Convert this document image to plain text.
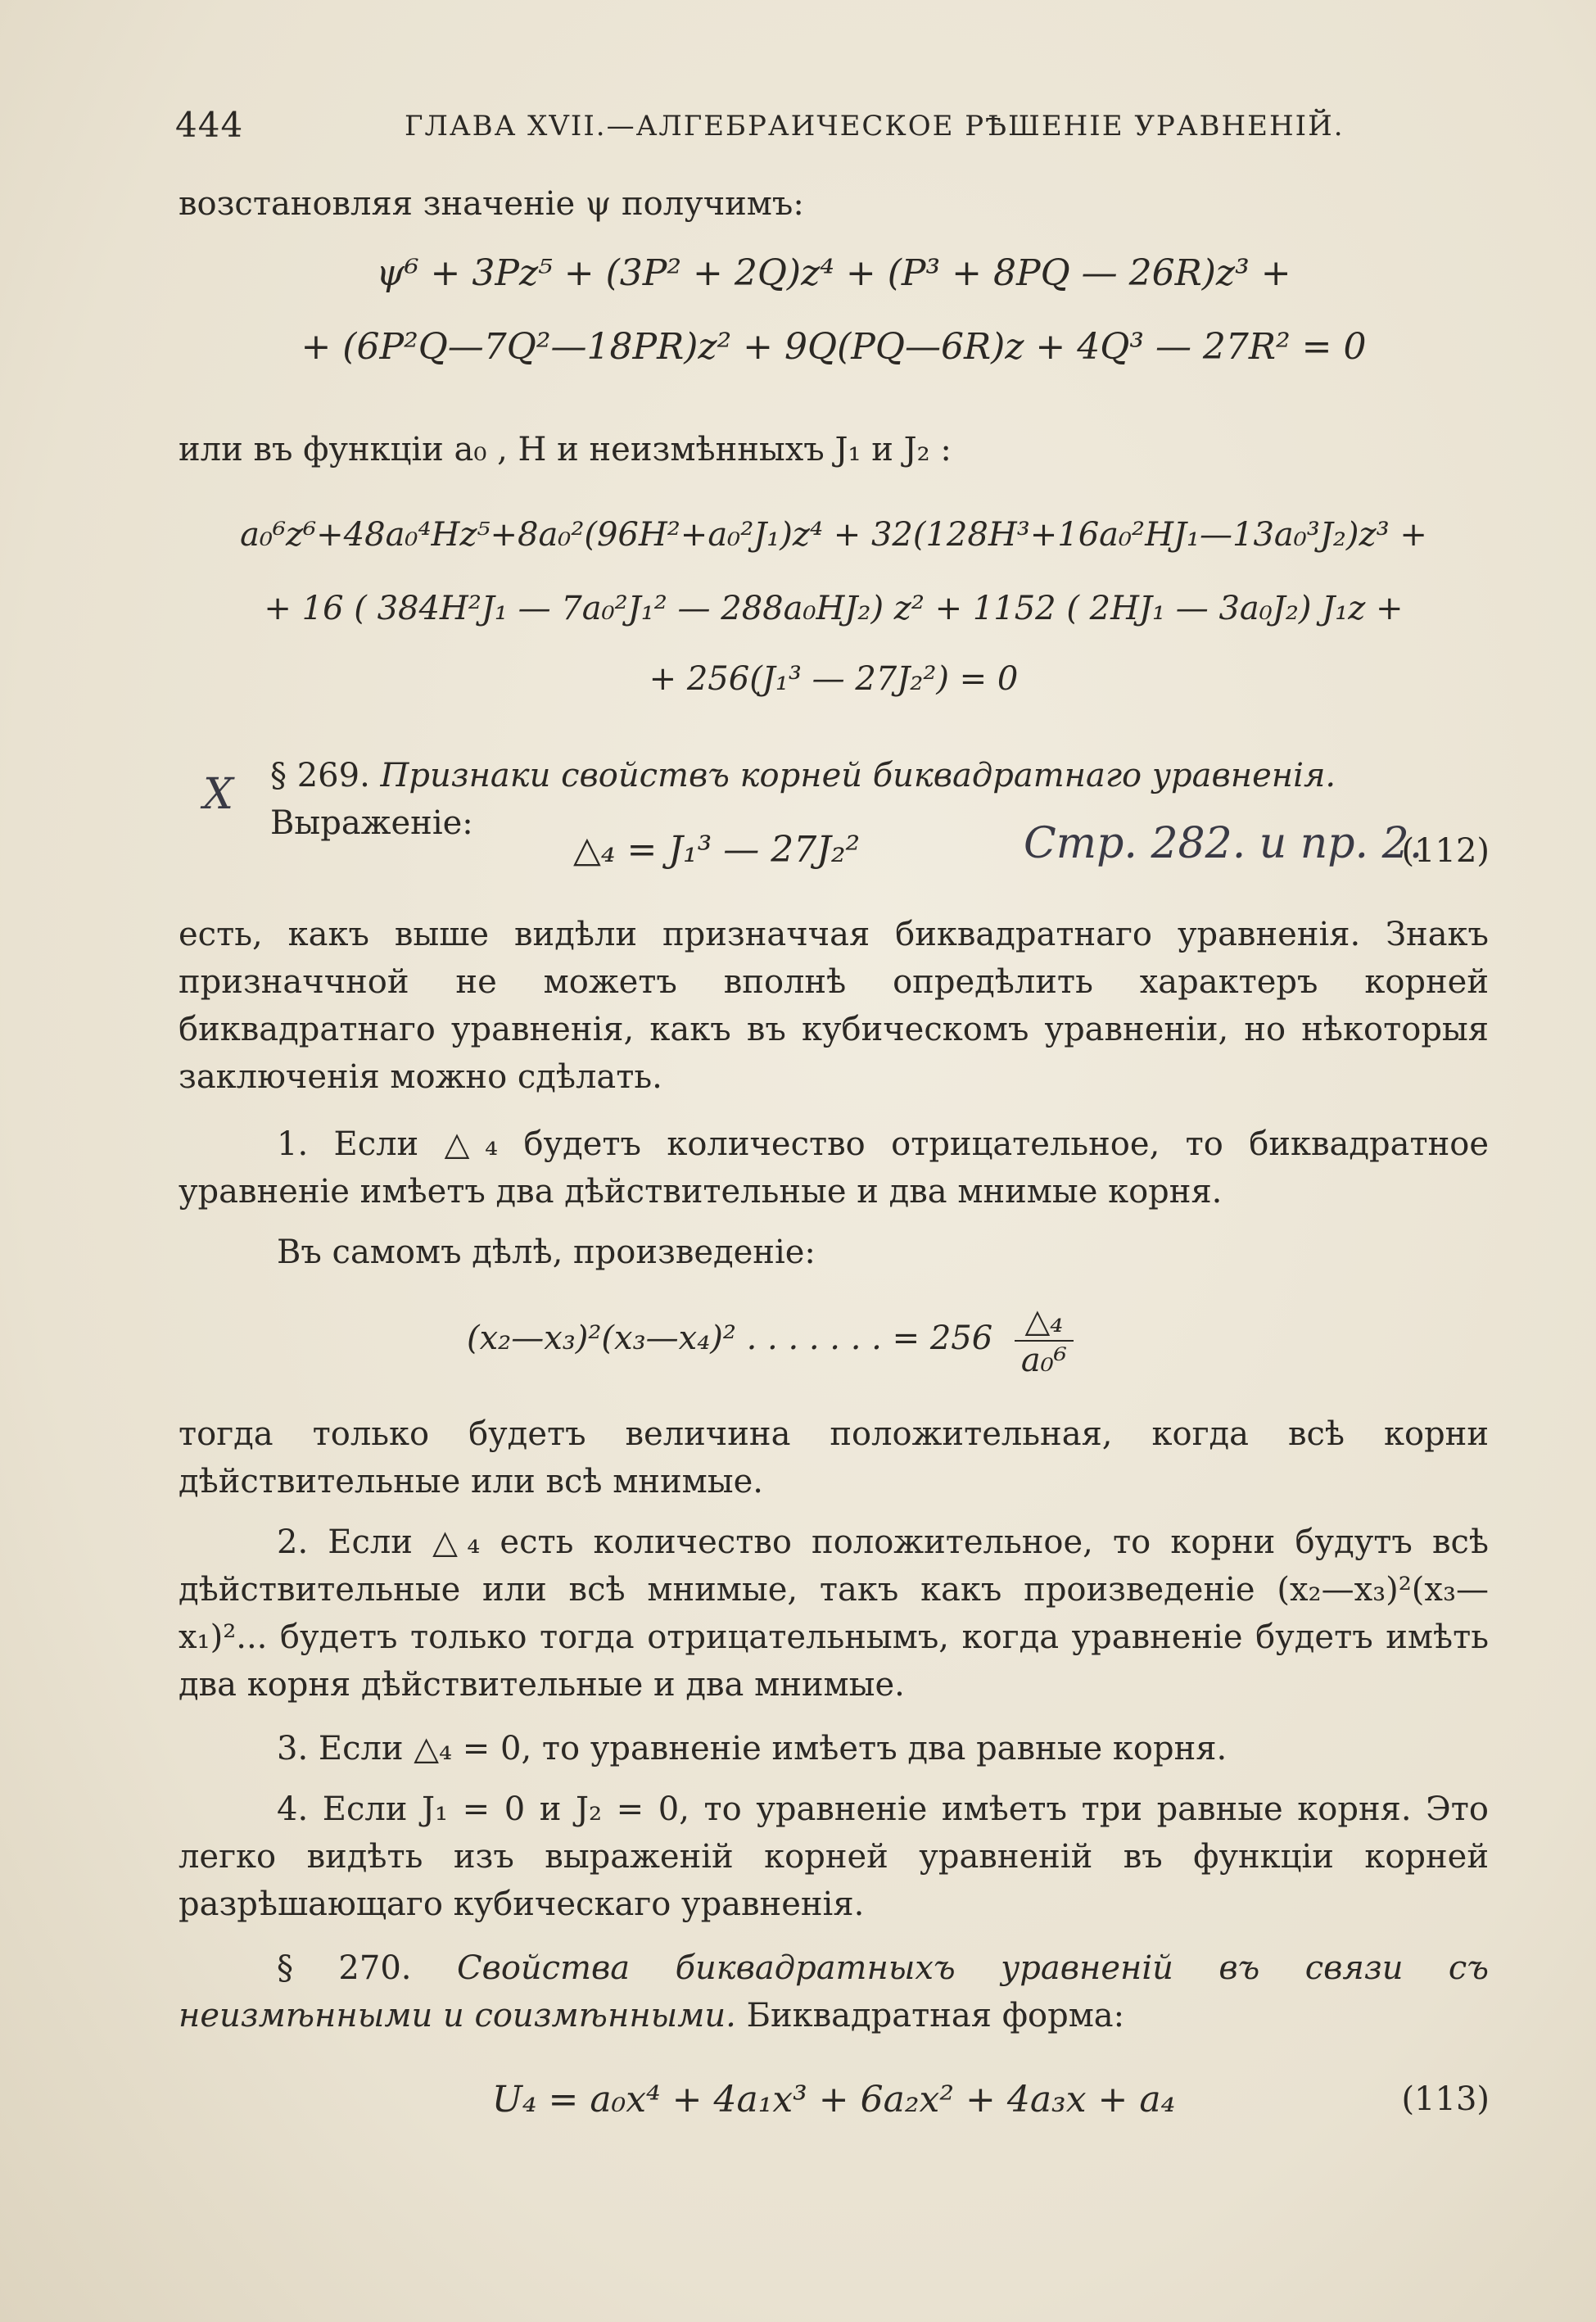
444	ГЛАВА XVII.—АЛГЕБРАИЧЕСКОЕ РѢШЕНІЕ УРАВНЕНІЙ.
возстановляя значеніе ψ получимъ:
ψ⁶ + 3Pz⁵ + (3P² + 2Q)z⁴ + (P³ + 8PQ — 26R)z³ +
+ (6P²Q—7Q²—18PR)z² + 9Q(PQ—6R)z + 4Q³ — 27R² = 0
или въ функціи a₀ , H и неизмѣнныхъ J₁ и J₂ :
a₀⁶z⁶+48a₀⁴Hz⁵+8a₀²(96H²+a₀²J₁)z⁴ + 32(128H³+16a₀²HJ₁—13a₀³J₂)z³ +
+ 16 ( 384H²J₁ — 7a₀²J₁² — 288a₀HJ₂) z² + 1152 ( 2HJ₁ — 3a₀J₂) J₁z +
+ 256(J₁³ — 27J₂²) = 0
X § 269. Признаки свойствъ корней биквадратнаго уравненія. Выраженіе:
△₄ = J₁³ — 27J₂²	Стр. 282. и пр. 2.
(112)
есть, какъ выше видѣли призначчая биквадратнаго уравненія. Знакъ призначчной не можетъ вполнѣ опредѣлить характеръ корней биквадратнаго уравненія, какъ въ кубическомъ уравненіи, но нѣкоторыя заключенія можно сдѣлать.
1. Если △₄ будетъ количество отрицательное, то биквадратное уравненіе имѣетъ два дѣйствительные и два мнимые корня.
Въ самомъ дѣлѣ, произведеніе:
(x₂—x₃)²(x₃—x₄)² . . . . . . . = 256 △₄
a₀⁶
тогда только будетъ величина положительная, когда всѣ корни дѣйствительные или всѣ мнимые.
2. Если △₄ есть количество положительное, то корни будутъ всѣ дѣйствительные или всѣ мнимые, такъ какъ произведеніе (x₂—x₃)²(x₃—x₁)²... будетъ только тогда отрицательнымъ, когда уравненіе будетъ имѣть два корня дѣйствительные и два мнимые.
3. Если △₄ = 0, то уравненіе имѣетъ два равные корня.
4. Если J₁ = 0 и J₂ = 0, то уравненіе имѣетъ три равные корня. Это легко видѣть изъ выраженій корней уравненій въ функціи корней разрѣшающаго кубическаго уравненія.
§ 270. Свойства биквадратныхъ уравненій въ связи съ неизмѣнными и соизмѣнными. Биквадратная форма:
U₄ = a₀x⁴ + 4a₁x³ + 6a₂x² + 4a₃x + a₄	(113)
